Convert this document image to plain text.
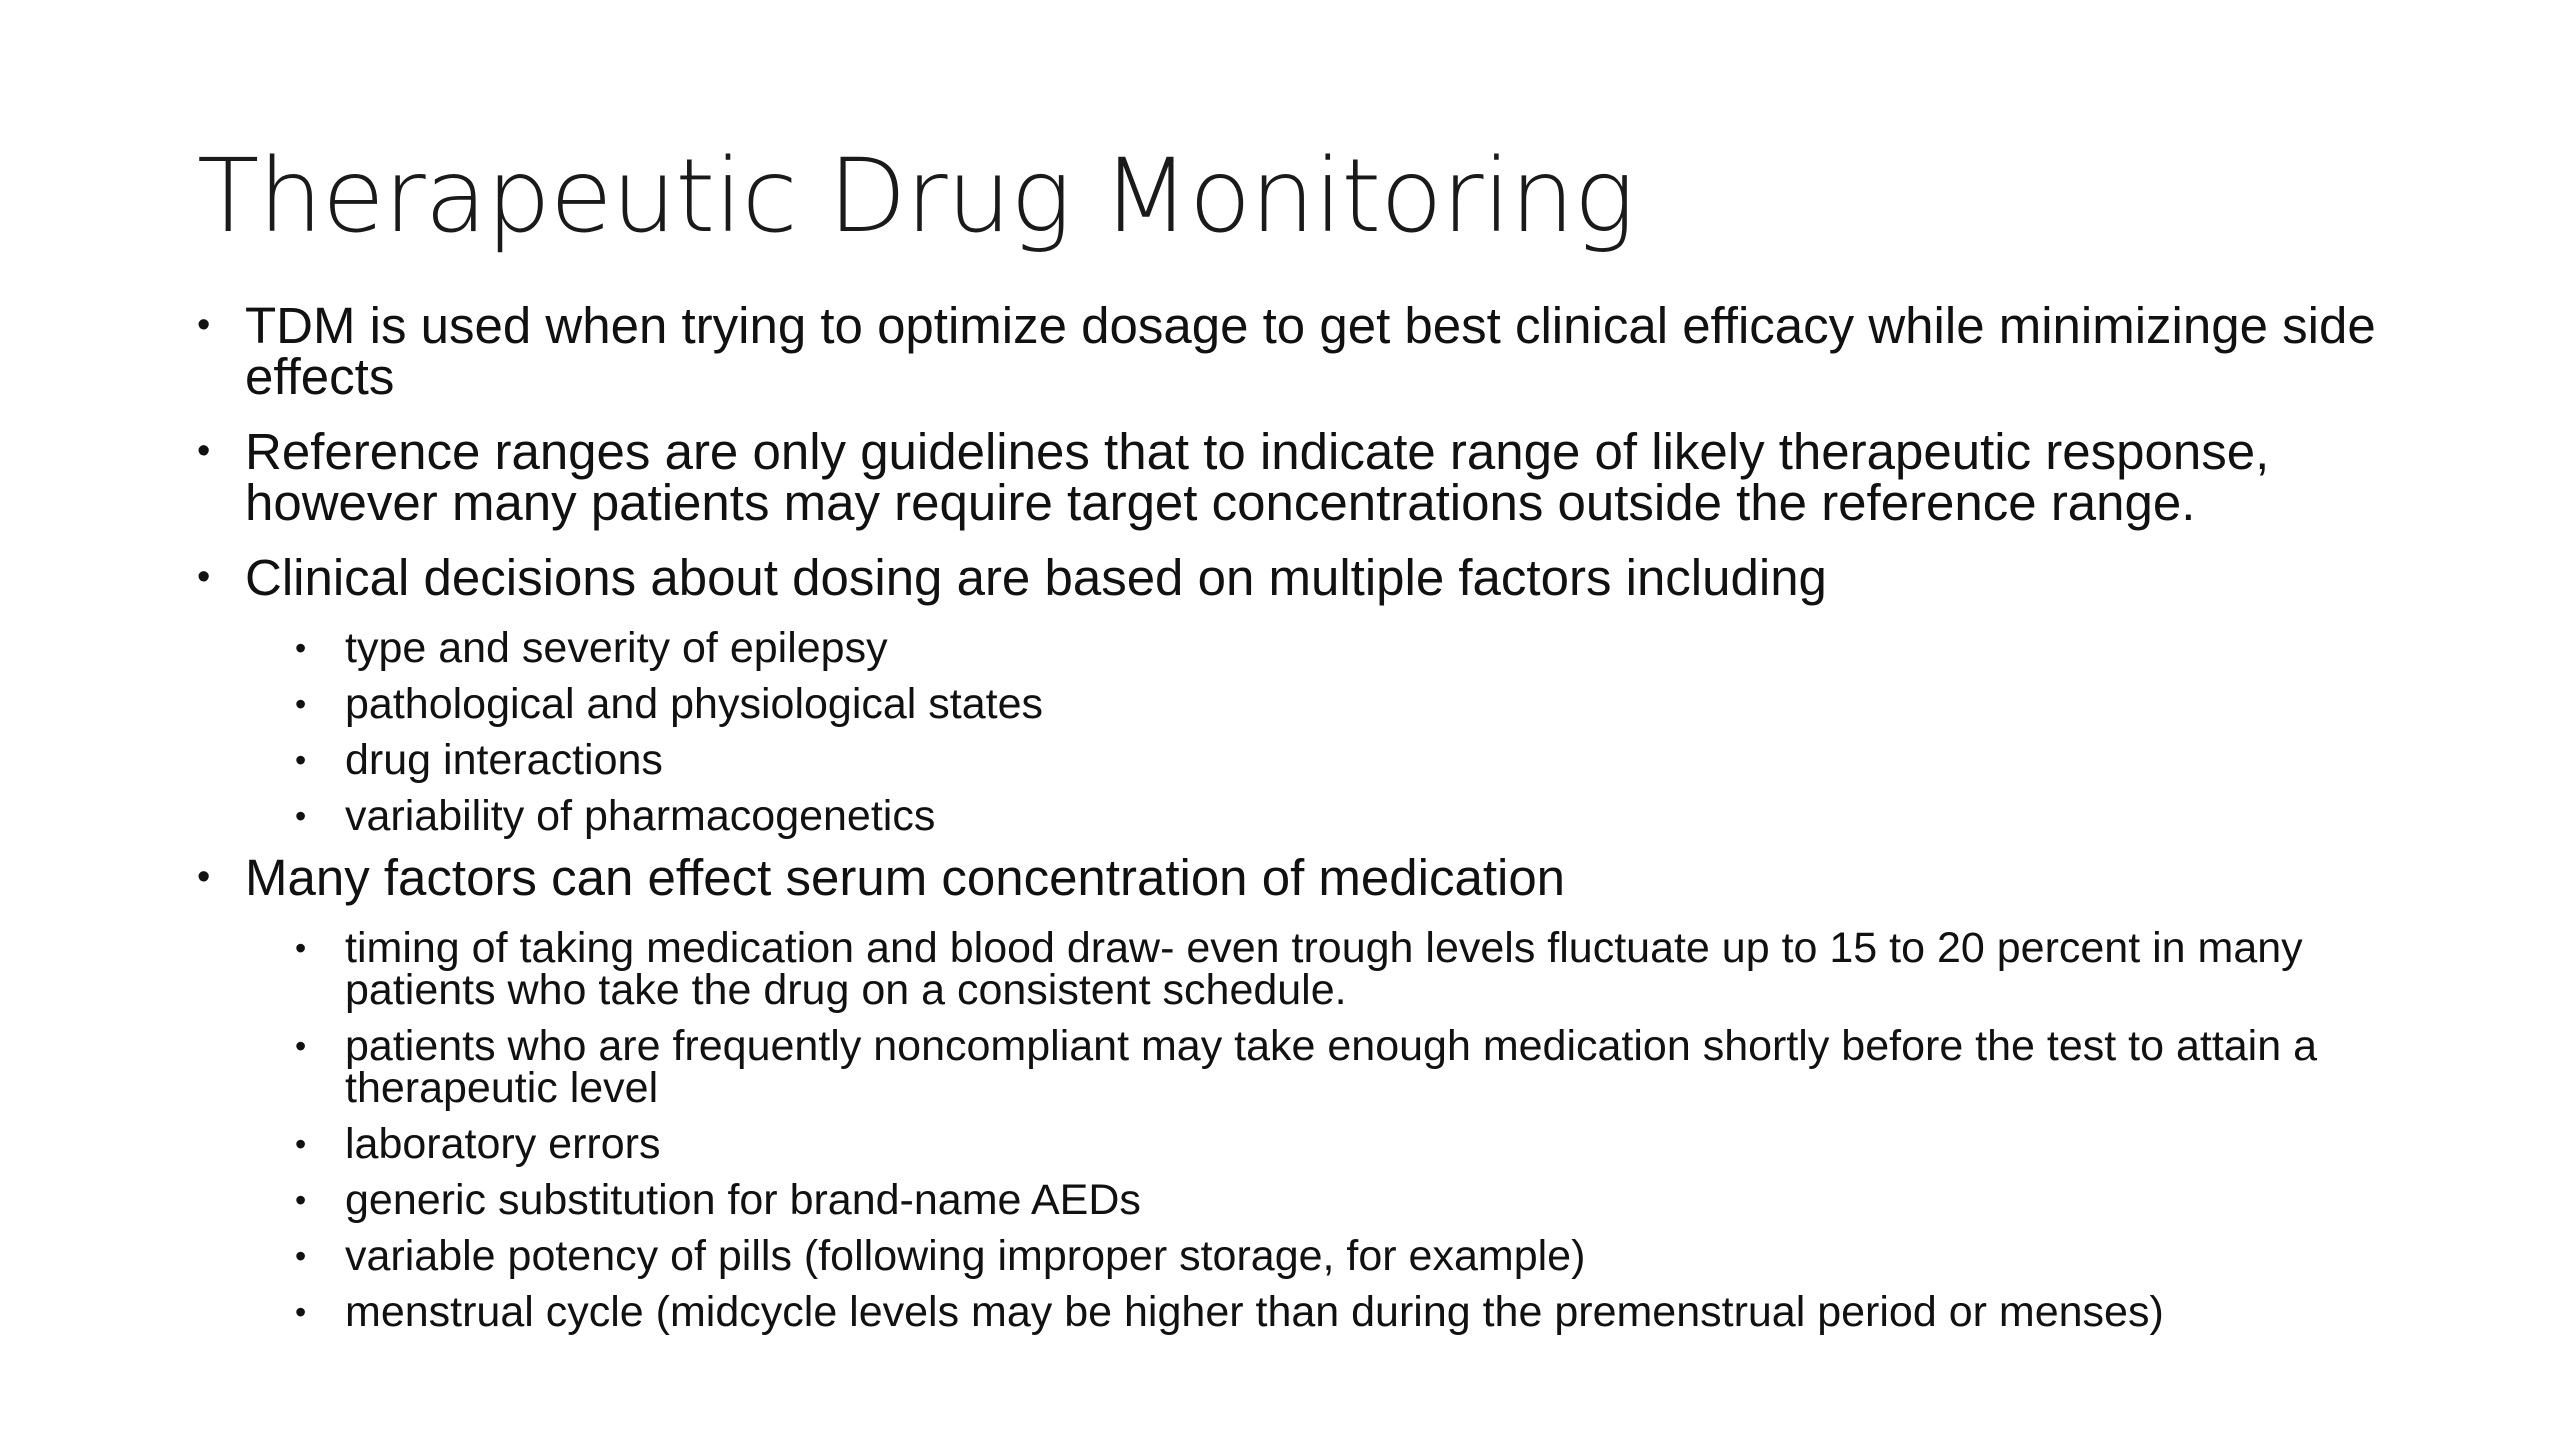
Therapeutic Drug Monitoring
• TDM is used when trying to optimize dosage to get best clinical efficacy while minimizinge side effects
• Reference ranges are only guidelines that to indicate range of likely therapeutic response, however many patients may require target concentrations outside the reference range.
• Clinical decisions about dosing are based on multiple factors including
• type and severity of epilepsy
• pathological and physiological states
• drug interactions
• variability of pharmacogenetics
• Many factors can effect serum concentration of medication
• timing of taking medication and blood draw- even trough levels fluctuate up to 15 to 20 percent in many patients who take the drug on a consistent schedule.
• patients who are frequently noncompliant may take enough medication shortly before the test to attain a therapeutic level
• laboratory errors
• generic substitution for brand-name AEDs
• variable potency of pills (following improper storage, for example)
• menstrual cycle (midcycle levels may be higher than during the premenstrual period or menses)
